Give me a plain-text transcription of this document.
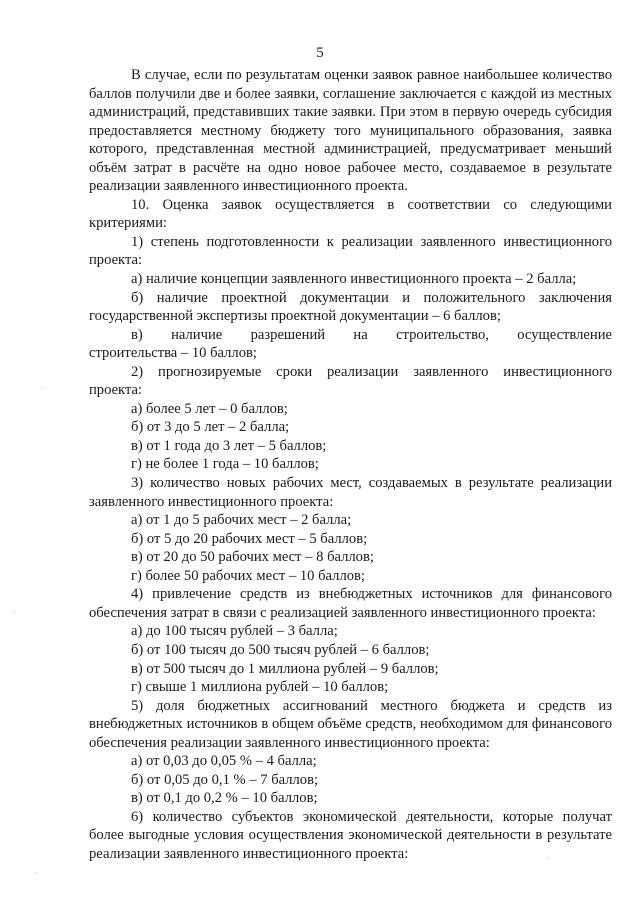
5

В случае, если по результатам оценки заявок равное наибольшее количество баллов получили две и более заявки, соглашение заключается с каждой из местных администраций, представивших такие заявки. При этом в первую очередь субсидия предоставляется местному бюджету того муниципального образования, заявка которого, представленная местной администрацией, предусматривает меньший объём затрат в расчёте на одно новое рабочее место, создаваемое в результате реализации заявленного инвестиционного проекта.

10. Оценка заявок осуществляется в соответствии со следующими критериями:

1) степень подготовленности к реализации заявленного инвестиционного проекта:

а) наличие концепции заявленного инвестиционного проекта – 2 балла;

б) наличие проектной документации и положительного заключения государственной экспертизы проектной документации – 6 баллов;

в) наличие разрешений на строительство, осуществление

строительства – 10 баллов;

2) прогнозируемые сроки реализации заявленного инвестиционного проекта:

а) более 5 лет – 0 баллов;

б) от 3 до 5 лет – 2 балла;

в) от 1 года до 3 лет – 5 баллов;

г) не более 1 года – 10 баллов;

3) количество новых рабочих мест, создаваемых в результате реализации заявленного инвестиционного проекта:

а) от 1 до 5 рабочих мест – 2 балла;

б) от 5 до 20 рабочих мест – 5 баллов;

в) от 20 до 50 рабочих мест – 8 баллов;

г) более 50 рабочих мест – 10 баллов;

4) привлечение средств из внебюджетных источников для финансового обеспечения затрат в связи с реализацией заявленного инвестиционного проекта:

а) до 100 тысяч рублей – 3 балла;

б) от 100 тысяч до 500 тысяч рублей – 6 баллов;

в) от 500 тысяч до 1 миллиона рублей – 9 баллов;

г) свыше 1 миллиона рублей – 10 баллов;

5) доля бюджетных ассигнований местного бюджета и средств из внебюджетных источников в общем объёме средств, необходимом для финансового обеспечения реализации заявленного инвестиционного проекта:

а) от 0,03 до 0,05 % – 4 балла;

б) от 0,05 до 0,1 % – 7 баллов;

в) от 0,1 до 0,2 % – 10 баллов;

6) количество субъектов экономической деятельности, которые получат более выгодные условия осуществления экономической деятельности в результате реализации заявленного инвестиционного проекта:
